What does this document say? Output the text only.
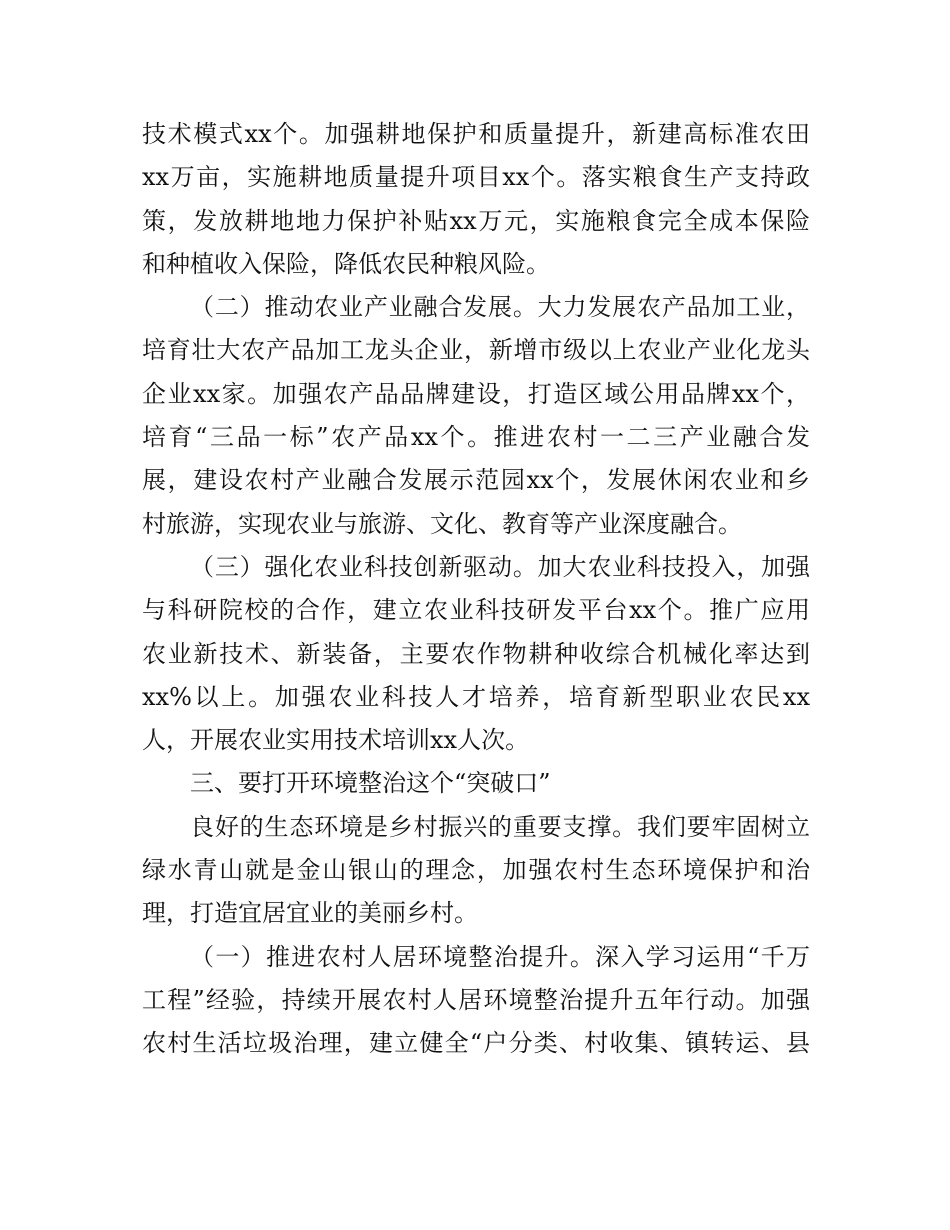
技术模式xx个。加强耕地保护和质量提升，新建高标准农田
xx万亩，实施耕地质量提升项目xx个。落实粮食生产支持政
策，发放耕地地力保护补贴xx万元，实施粮食完全成本保险
和种植收入保险，降低农民种粮风险。
（二）推动农业产业融合发展。大力发展农产品加工业，
培育壮大农产品加工龙头企业，新增市级以上农业产业化龙头
企业xx家。加强农产品品牌建设，打造区域公用品牌xx个，
培育“三品一标”农产品xx个。推进农村一二三产业融合发
展，建设农村产业融合发展示范园xx个，发展休闲农业和乡
村旅游，实现农业与旅游、文化、教育等产业深度融合。
（三）强化农业科技创新驱动。加大农业科技投入，加强
与科研院校的合作，建立农业科技研发平台xx个。推广应用
农业新技术、新装备，主要农作物耕种收综合机械化率达到
xx%以上。加强农业科技人才培养，培育新型职业农民xx
人，开展农业实用技术培训xx人次。
三、要打开环境整治这个“突破口”
良好的生态环境是乡村振兴的重要支撑。我们要牢固树立
绿水青山就是金山银山的理念，加强农村生态环境保护和治
理，打造宜居宜业的美丽乡村。
（一）推进农村人居环境整治提升。深入学习运用“千万
工程”经验，持续开展农村人居环境整治提升五年行动。加强
农村生活垃圾治理，建立健全“户分类、村收集、镇转运、县
